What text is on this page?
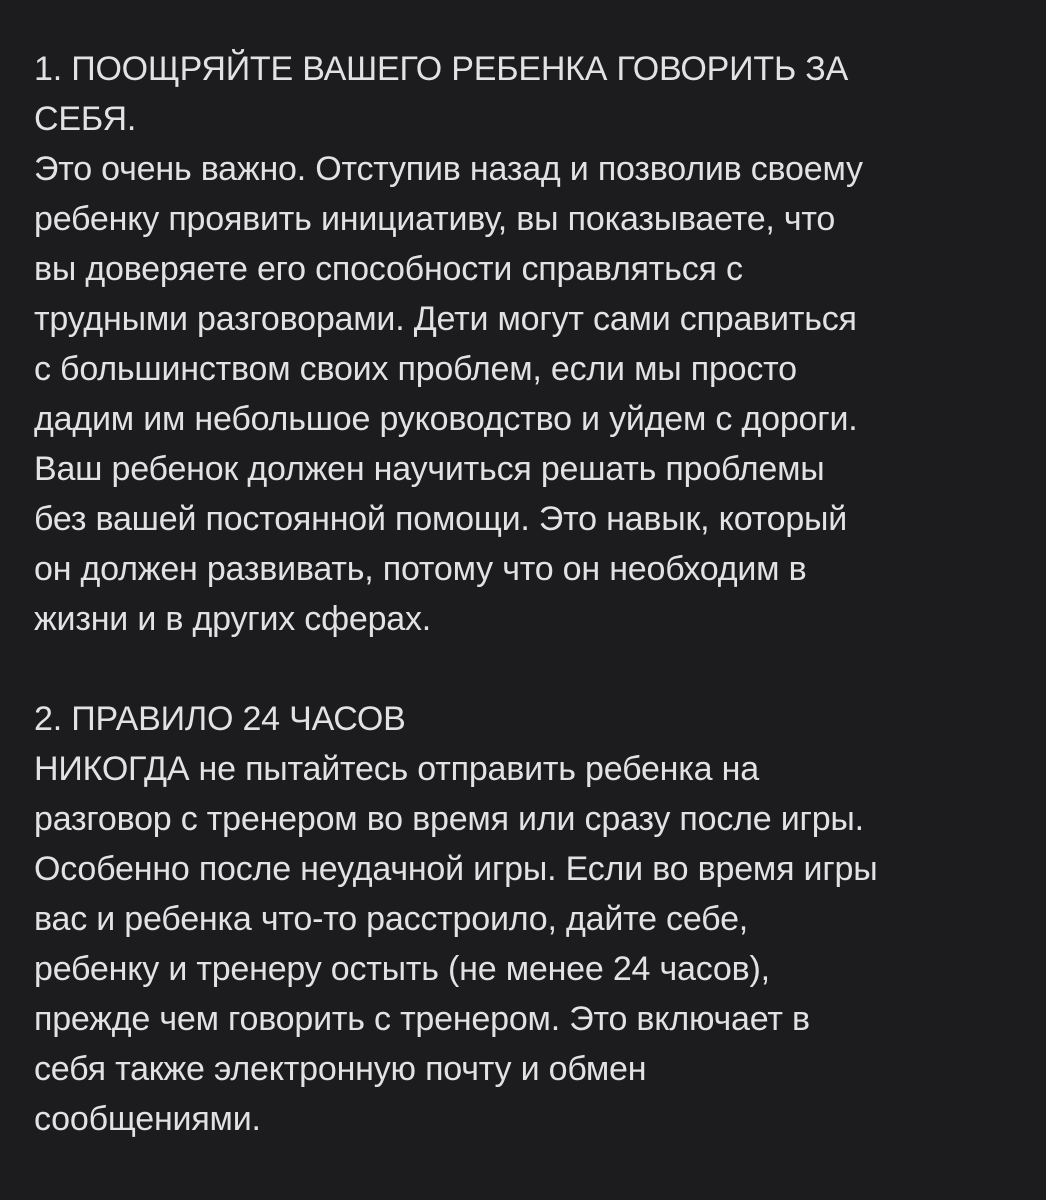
1. ПООЩРЯЙТЕ ВАШЕГО РЕБЕНКА ГОВОРИТЬ ЗА
СЕБЯ.
Это очень важно. Отступив назад и позволив своему
ребенку проявить инициативу, вы показываете, что
вы доверяете его способности справляться с
трудными разговорами. Дети могут сами справиться
с большинством своих проблем, если мы просто
дадим им небольшое руководство и уйдем с дороги.
Ваш ребенок должен научиться решать проблемы
без вашей постоянной помощи. Это навык, который
он должен развивать, потому что он необходим в
жизни и в других сферах.
2. ПРАВИЛО 24 ЧАСОВ
НИКОГДА не пытайтесь отправить ребенка на
разговор с тренером во время или сразу после игры.
Особенно после неудачной игры. Если во время игры
вас и ребенка что-то расстроило, дайте себе,
ребенку и тренеру остыть (не менее 24 часов),
прежде чем говорить с тренером. Это включает в
себя также электронную почту и обмен
сообщениями.
